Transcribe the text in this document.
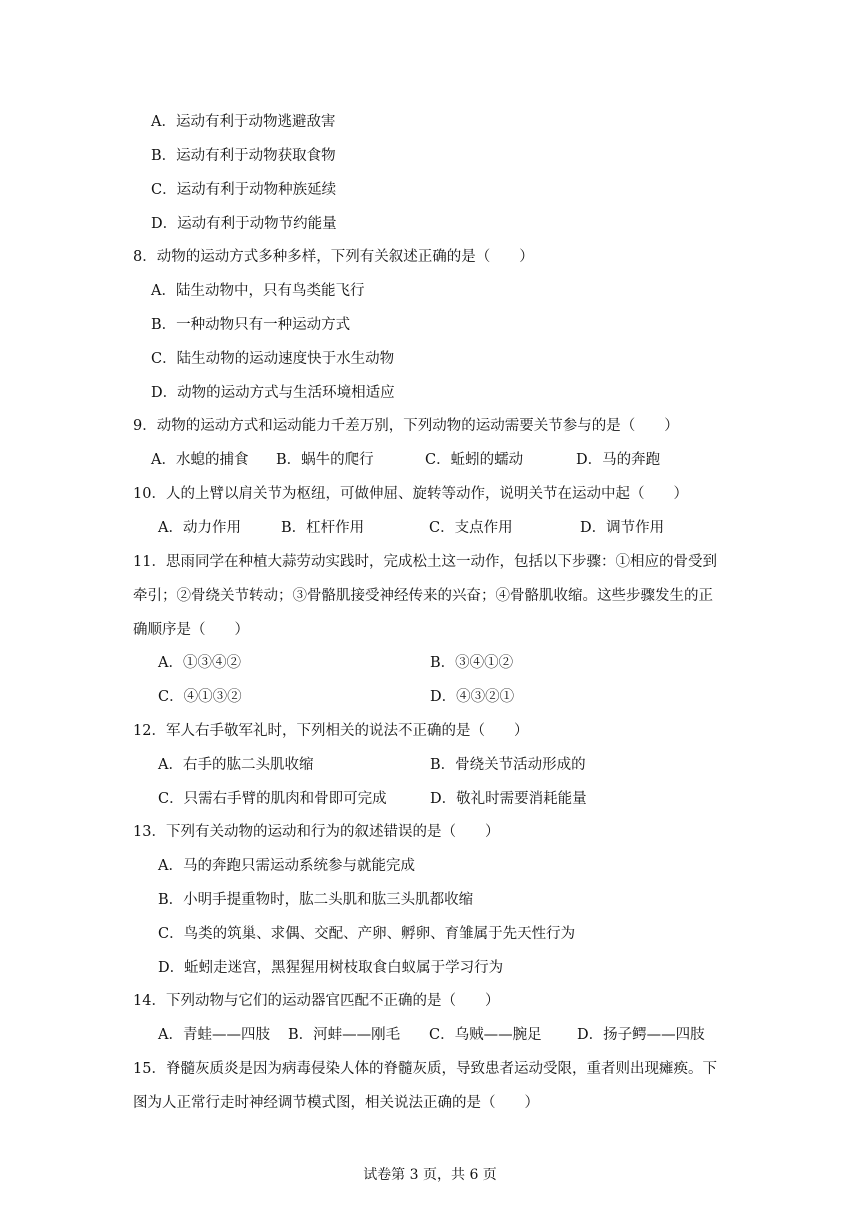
A．运动有利于动物逃避敌害
B．运动有利于动物获取食物
C．运动有利于动物种族延续
D．运动有利于动物节约能量
8．动物的运动方式多种多样，下列有关叙述正确的是（　　）
A．陆生动物中，只有鸟类能飞行
B．一种动物只有一种运动方式
C．陆生动物的运动速度快于水生动物
D．动物的运动方式与生活环境相适应
9．动物的运动方式和运动能力千差万别，下列动物的运动需要关节参与的是（　　）
A．水螅的捕食	B．蜗牛的爬行	C．蚯蚓的蠕动	D．马的奔跑
10．人的上臂以肩关节为枢纽，可做伸屈、旋转等动作，说明关节在运动中起（　　）
A．动力作用	B．杠杆作用	C．支点作用	D．调节作用
11．思雨同学在种植大蒜劳动实践时，完成松土这一动作，包括以下步骤：①相应的骨受到
牵引；②骨绕关节转动；③骨骼肌接受神经传来的兴奋；④骨骼肌收缩。这些步骤发生的正
确顺序是（　　）
A．①③④②	B．③④①②
C．④①③②	D．④③②①
12．军人右手敬军礼时，下列相关的说法不正确的是（　　）
A．右手的肱二头肌收缩	B．骨绕关节活动形成的
C．只需右手臂的肌肉和骨即可完成	D．敬礼时需要消耗能量
13．下列有关动物的运动和行为的叙述错误的是（　　）
A．马的奔跑只需运动系统参与就能完成
B．小明手提重物时，肱二头肌和肱三头肌都收缩
C．鸟类的筑巢、求偶、交配、产卵、孵卵、育雏属于先天性行为
D．蚯蚓走迷宫，黑猩猩用树枝取食白蚁属于学习行为
14．下列动物与它们的运动器官匹配不正确的是（　　）
A．青蛙——四肢	B．河蚌——刚毛	C．乌贼——腕足	D．扬子鳄——四肢
15．脊髓灰质炎是因为病毒侵染人体的脊髓灰质，导致患者运动受限，重者则出现瘫痪。下
图为人正常行走时神经调节模式图，相关说法正确的是（　　）
试卷第 3 页，共 6 页
